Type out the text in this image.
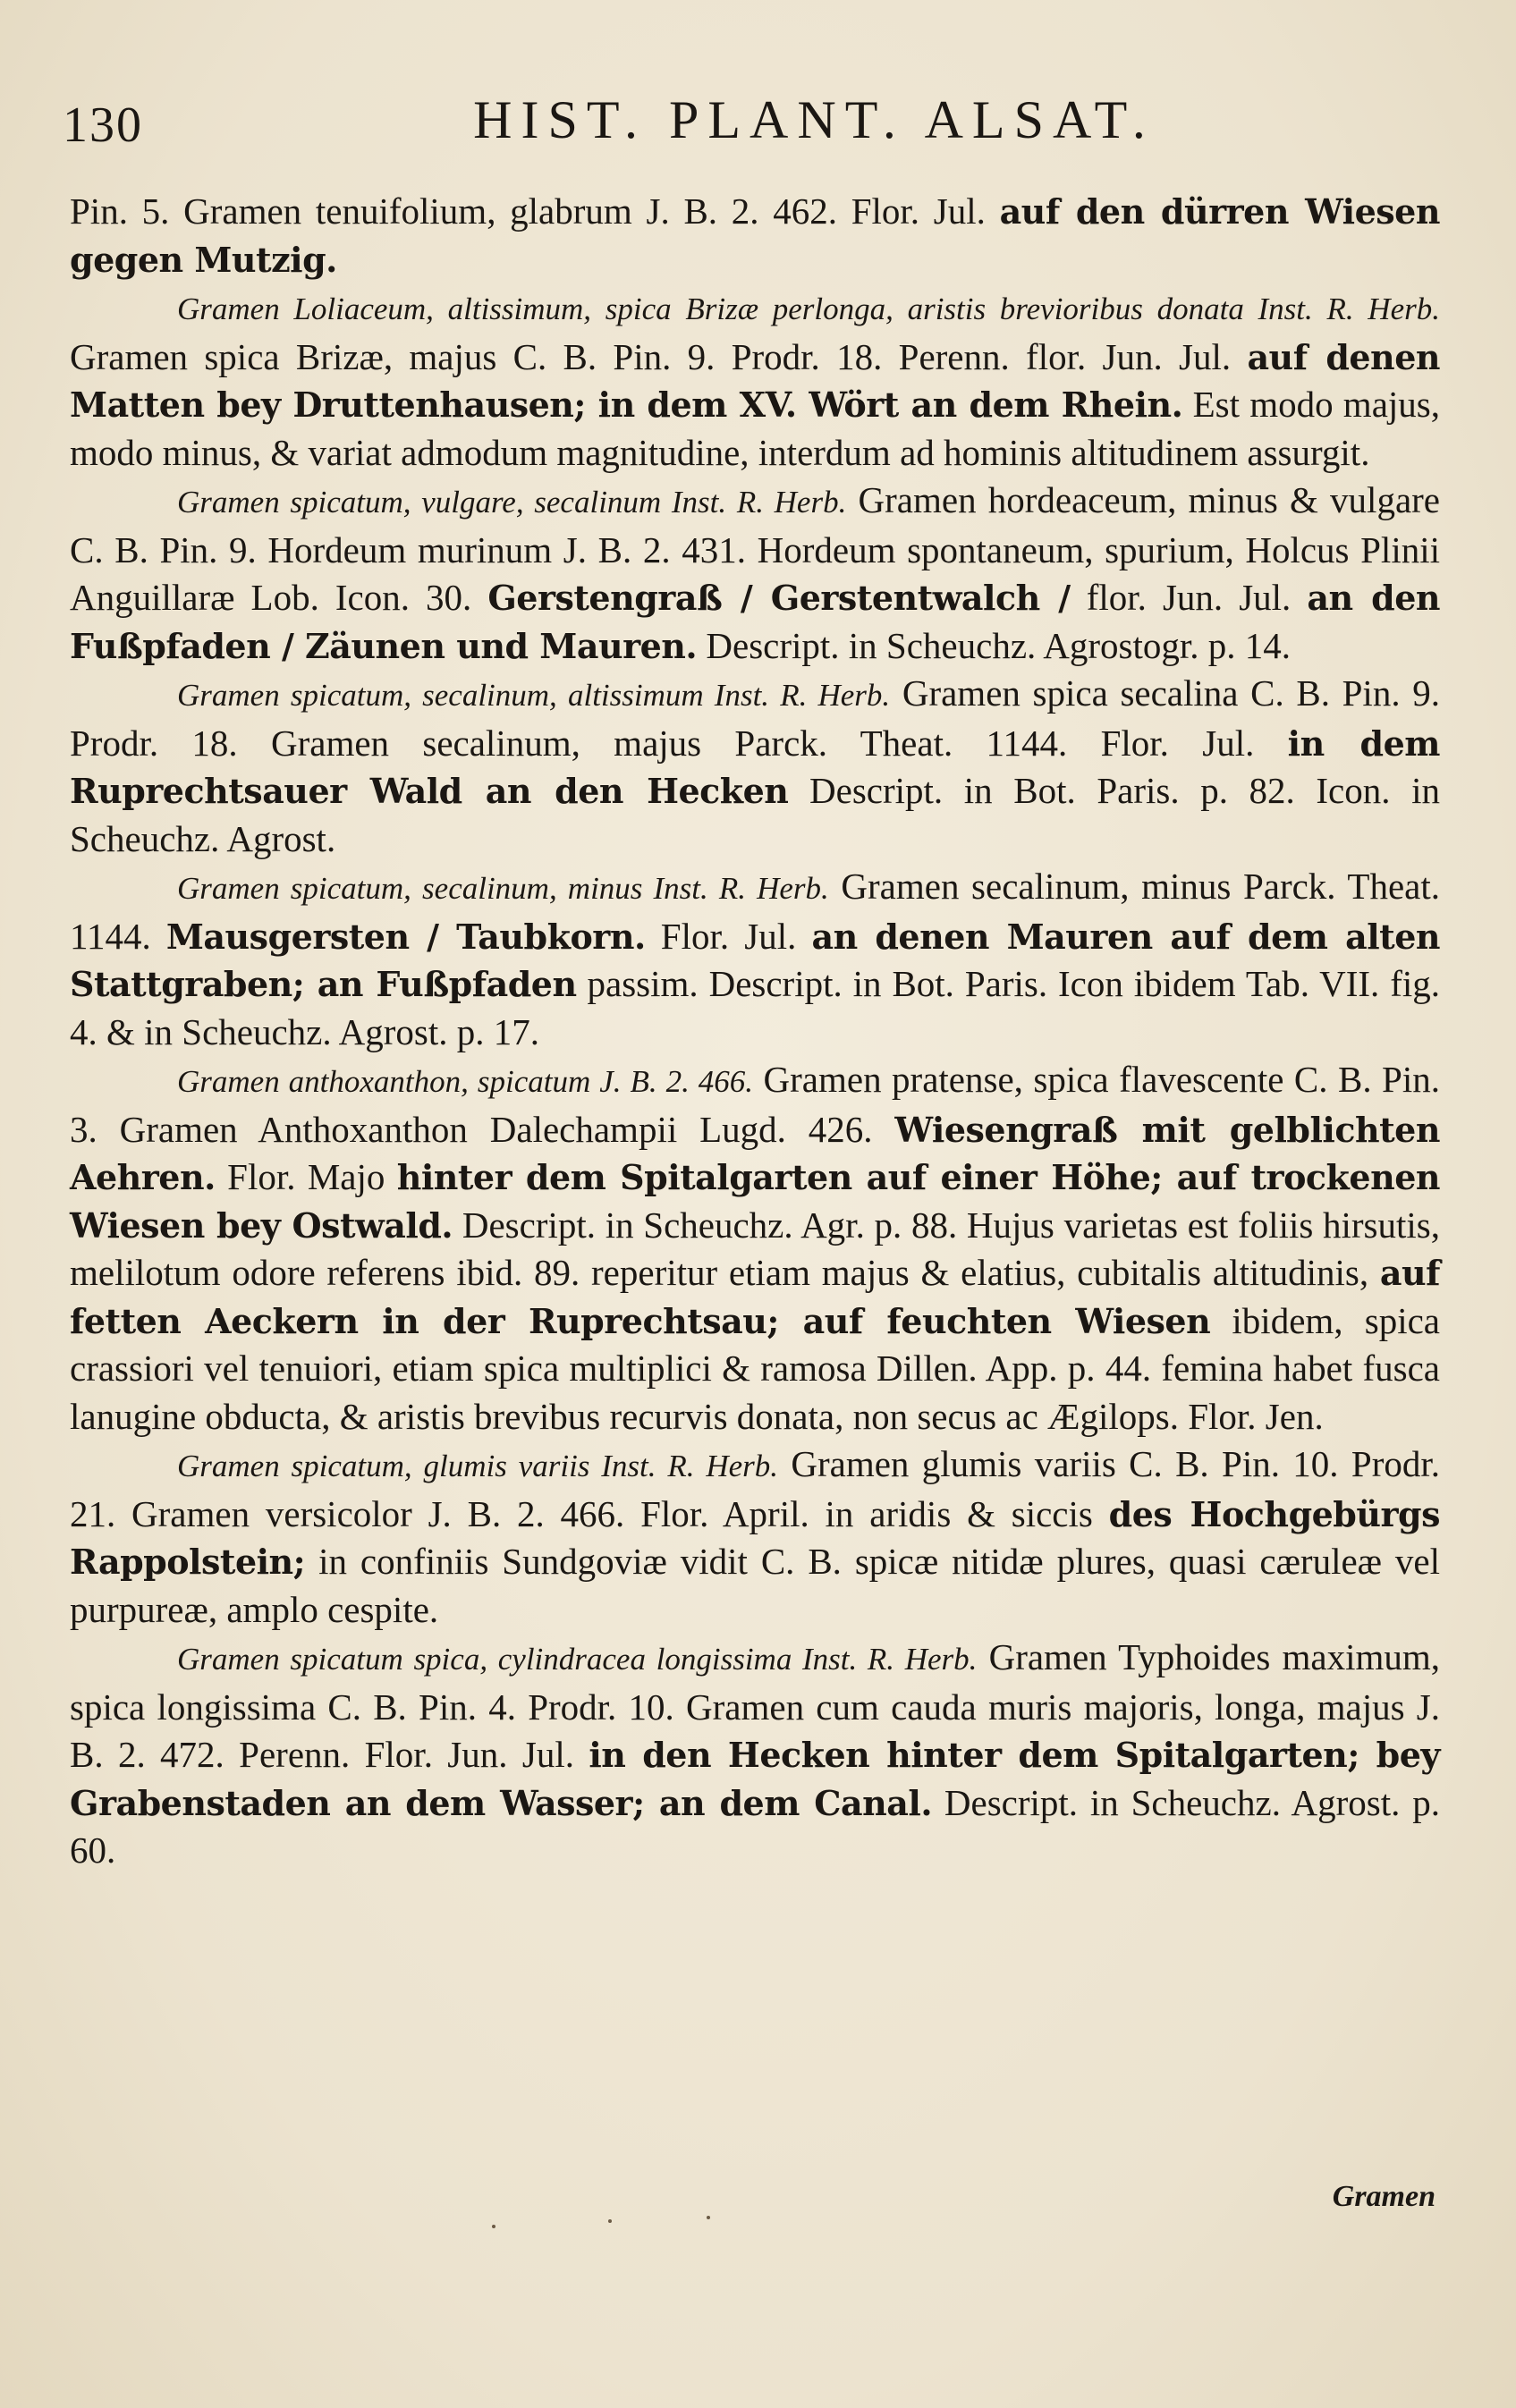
130	HIST. PLANT. ALSAT.

Pin. 5. Gramen tenuifolium, glabrum J. B. 2. 462. Flor. Jul. auf den dürren Wiesen gegen Mutzig.

Gramen Loliaceum, altissimum, spica Brizæ perlonga, aristis brevioribus donata Inst. R. Herb. Gramen spica Brizæ, majus C. B. Pin. 9. Prodr. 18. Perenn. flor. Jun. Jul. auf denen Matten bey Druttenhausen; in dem XV. Wört an dem Rhein. Est modo majus, modo minus, & variat admodum magnitudine, interdum ad hominis altitudinem assurgit.

Gramen spicatum, vulgare, secalinum Inst. R. Herb. Gramen hordeaceum, minus & vulgare C. B. Pin. 9. Hordeum murinum J. B. 2. 431. Hordeum spontaneum, spurium, Holcus Plinii Anguillaræ Lob. Icon. 30. Gerstengraß / Gerstentwalch / flor. Jun. Jul. an den Fußpfaden / Zäunen und Mauren. Descript. in Scheuchz. Agrostogr. p. 14.

Gramen spicatum, secalinum, altissimum Inst. R. Herb. Gramen spica secalina C. B. Pin. 9. Prodr. 18. Gramen secalinum, majus Parck. Theat. 1144. Flor. Jul. in dem Ruprechtsauer Wald an den Hecken Descript. in Bot. Paris. p. 82. Icon. in Scheuchz. Agrost.

Gramen spicatum, secalinum, minus Inst. R. Herb. Gramen secalinum, minus Parck. Theat. 1144. Mausgersten / Taubkorn. Flor. Jul. an denen Mauren auf dem alten Stattgraben; an Fußpfaden passim. Descript. in Bot. Paris. Icon ibidem Tab. VII. fig. 4. & in Scheuchz. Agrost. p. 17.

Gramen anthoxanthon, spicatum J. B. 2. 466. Gramen pratense, spica flavescente C. B. Pin. 3. Gramen Anthoxanthon Dalechampii Lugd. 426. Wiesengraß mit gelblichten Aehren. Flor. Majo hinter dem Spitalgarten auf einer Höhe; auf trockenen Wiesen bey Ostwald. Descript. in Scheuchz. Agr. p. 88. Hujus varietas est foliis hirsutis, melilotum odore referens ibid. 89. reperitur etiam majus & elatius, cubitalis altitudinis, auf fetten Aeckern in der Ruprechtsau; auf feuchten Wiesen ibidem, spica crassiori vel tenuiori, etiam spica multiplici & ramosa Dillen. App. p. 44. femina habet fusca lanugine obducta, & aristis brevibus recurvis donata, non secus ac Ægilops. Flor. Jen.

Gramen spicatum, glumis variis Inst. R. Herb. Gramen glumis variis C. B. Pin. 10. Prodr. 21. Gramen versicolor J. B. 2. 466. Flor. April. in aridis & siccis des Hochgebürgs Rappolstein; in confiniis Sundgoviæ vidit C. B. spicæ nitidæ plures, quasi cæruleæ vel purpureæ, amplo cespite.

Gramen spicatum spica, cylindracea longissima Inst. R. Herb. Gramen Typhoides maximum, spica longissima C. B. Pin. 4. Prodr. 10. Gramen cum cauda muris majoris, longa, majus J. B. 2. 472. Perenn. Flor. Jun. Jul. in den Hecken hinter dem Spitalgarten; bey Grabenstaden an dem Wasser; an dem Canal. Descript. in Scheuchz. Agrost. p. 60.

Gramen
